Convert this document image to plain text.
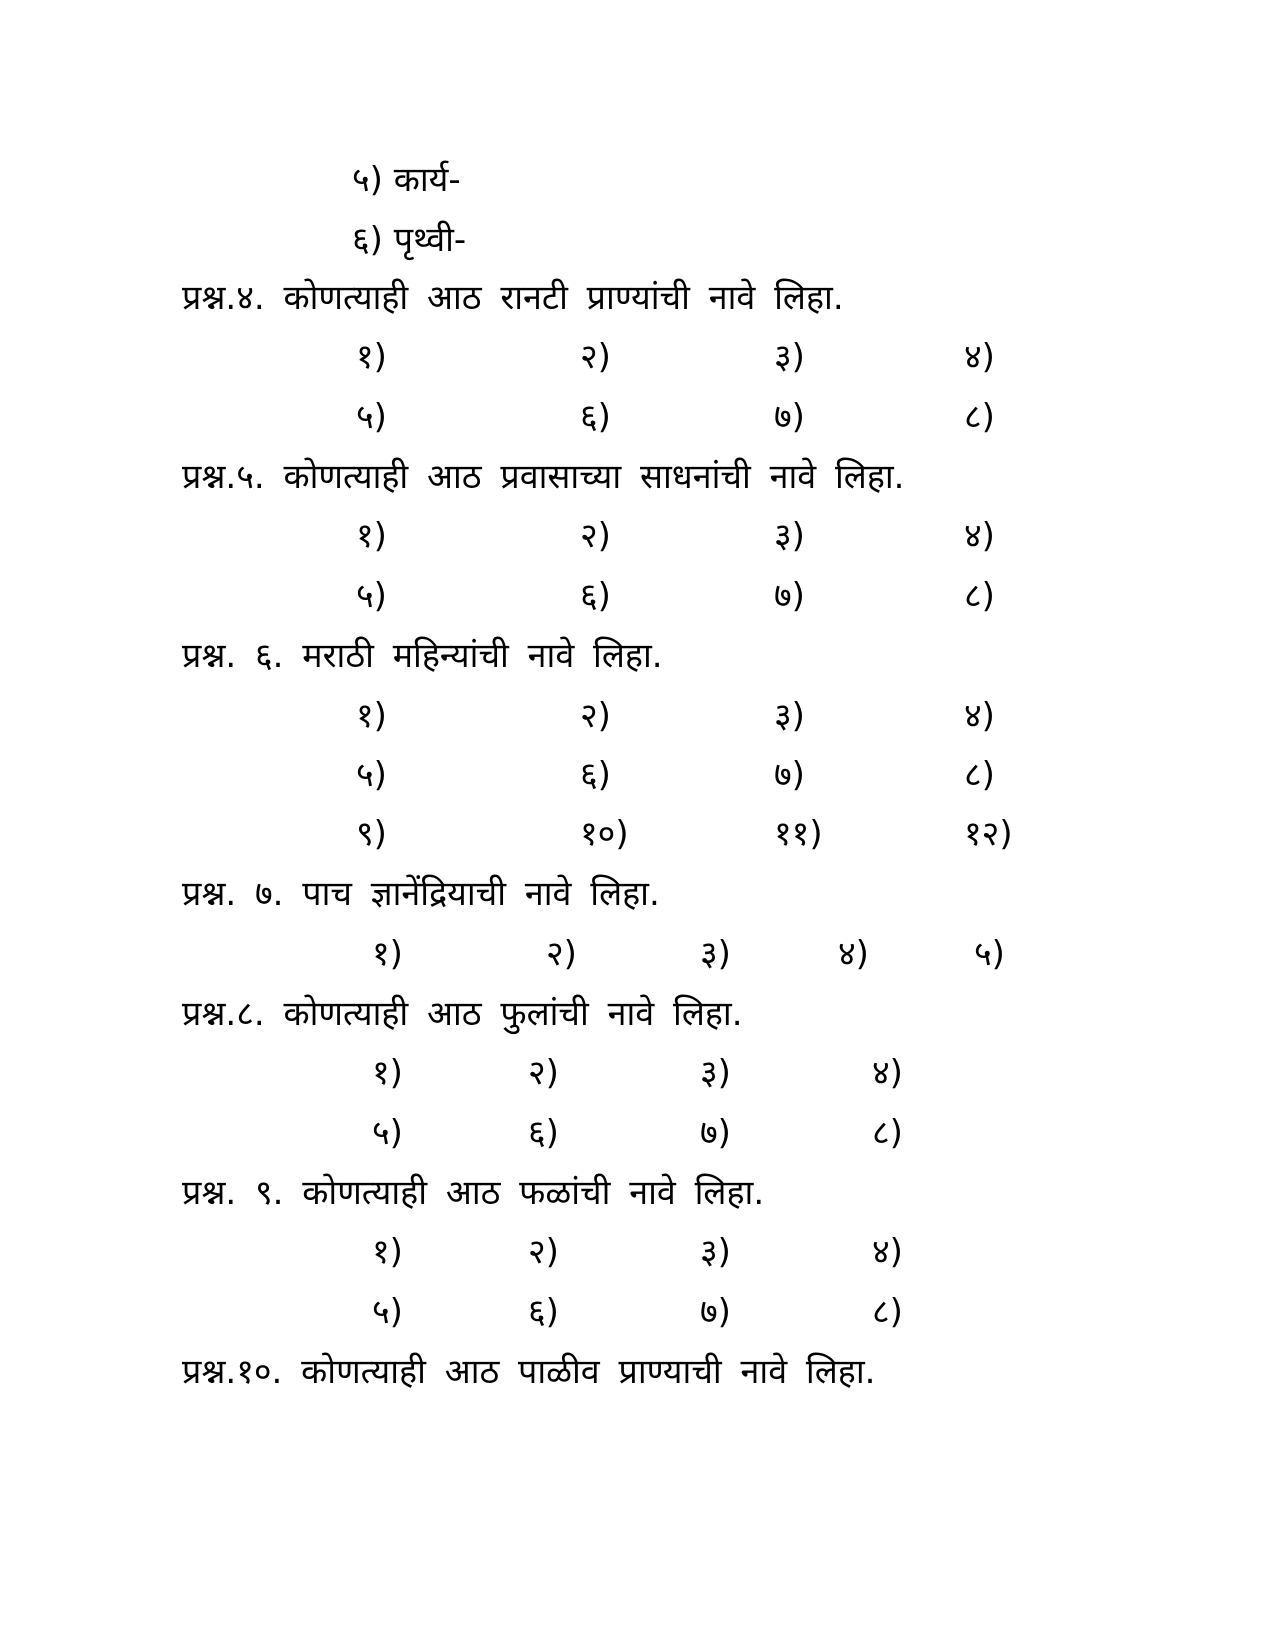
५) कार्य-
६) पृथ्वी-
प्रश्न.४. कोणत्याही आठ रानटी प्राण्यांची नावे लिहा.
१)	२)	३)	४)
५)	६)	७)	८)
प्रश्न.५. कोणत्याही आठ प्रवासाच्या साधनांची नावे लिहा.
१)	२)	३)	४)
५)	६)	७)	८)
प्रश्न. ६. मराठी महिन्यांची नावे लिहा.
१)	२)	३)	४)
५)	६)	७)	८)
९)	१०)	११)	१२)
प्रश्न. ७. पाच ज्ञानेंद्रियाची नावे लिहा.
१)	२)	३)	४)	५)
प्रश्न.८. कोणत्याही आठ फुलांची नावे लिहा.
१)	२)	३)	४)
५)	६)	७)	८)
प्रश्न. ९. कोणत्याही आठ फळांची नावे लिहा.
१)	२)	३)	४)
५)	६)	७)	८)
प्रश्न.१०. कोणत्याही आठ पाळीव प्राण्याची नावे लिहा.
